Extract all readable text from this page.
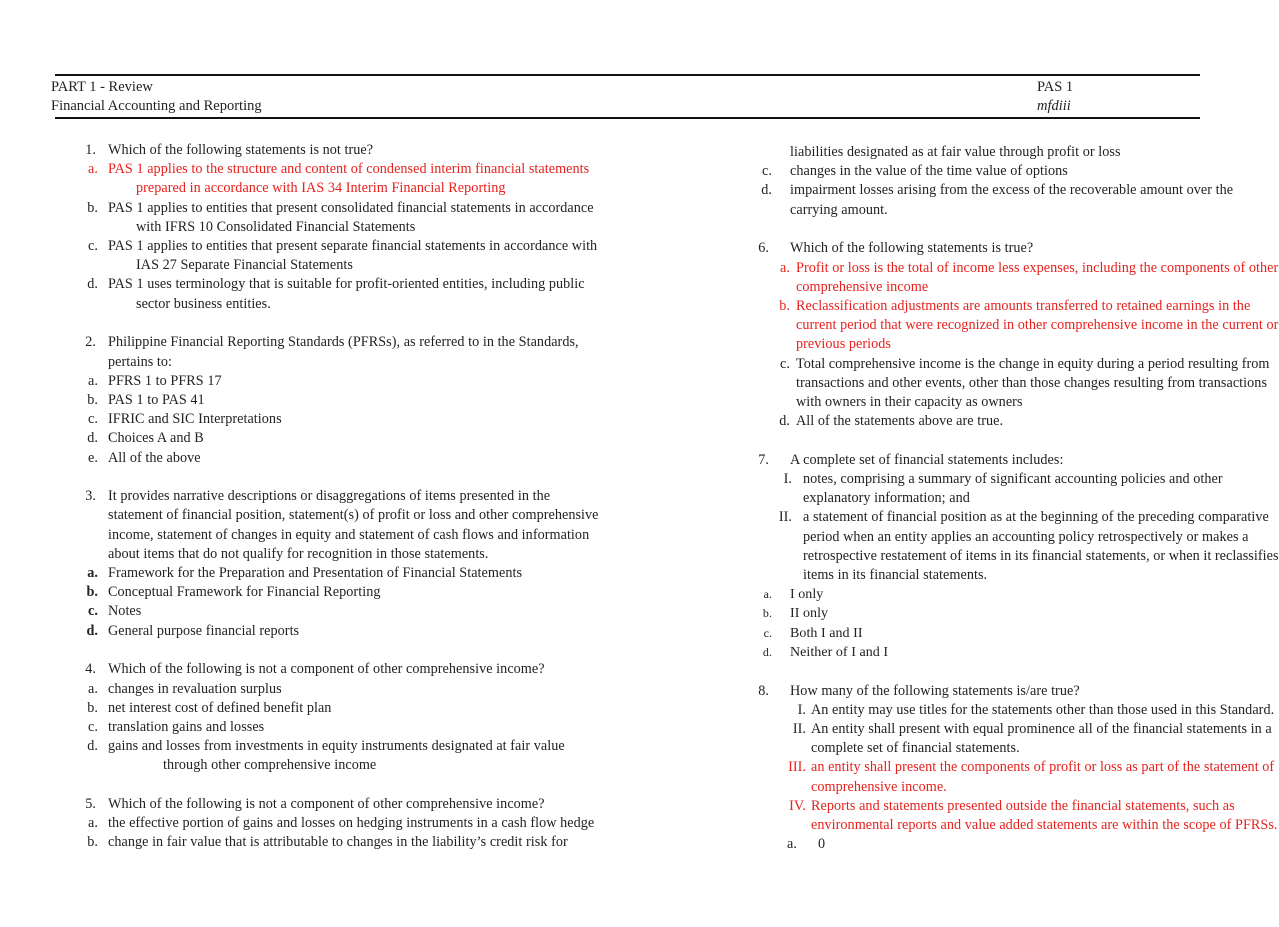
PART 1 - Review
Financial Accounting and Reporting
PAS 1
mfdiii
1. Which of the following statements is not true?
a. PAS 1 applies to the structure and content of condensed interim financial statements
prepared in accordance with IAS 34 Interim Financial Reporting
b. PAS 1 applies to entities that present consolidated financial statements in accordance
with IFRS 10 Consolidated Financial Statements
c. PAS 1 applies to entities that present separate financial statements in accordance with
IAS 27 Separate Financial Statements
d. PAS 1 uses terminology that is suitable for profit-oriented entities, including public
sector business entities.
2. Philippine Financial Reporting Standards (PFRSs), as referred to in the Standards,
pertains to:
a. PFRS 1 to PFRS 17
b. PAS 1 to PAS 41
c. IFRIC and SIC Interpretations
d. Choices A and B
e. All of the above
3. It provides narrative descriptions or disaggregations of items presented in the
statement of financial position, statement(s) of profit or loss and other comprehensive
income, statement of changes in equity and statement of cash flows and information
about items that do not qualify for recognition in those statements.
a. Framework for the Preparation and Presentation of Financial Statements
b. Conceptual Framework for Financial Reporting
c. Notes
d. General purpose financial reports
4. Which of the following is not a component of other comprehensive income?
a. changes in revaluation surplus
b. net interest cost of defined benefit plan
c. translation gains and losses
d. gains and losses from investments in equity instruments designated at fair value
through other comprehensive income
5. Which of the following is not a component of other comprehensive income?
a. the effective portion of gains and losses on hedging instruments in a cash flow hedge
b. change in fair value that is attributable to changes in the liability’s credit risk for
liabilities designated as at fair value through profit or loss
c. changes in the value of the time value of options
d. impairment losses arising from the excess of the recoverable amount over the
carrying amount.
6. Which of the following statements is true?
a. Profit or loss is the total of income less expenses, including the components of other
comprehensive income
b. Reclassification adjustments are amounts transferred to retained earnings in the
current period that were recognized in other comprehensive income in the current or
previous periods
c. Total comprehensive income is the change in equity during a period resulting from
transactions and other events, other than those changes resulting from transactions
with owners in their capacity as owners
d. All of the statements above are true.
7. A complete set of financial statements includes:
I. notes, comprising a summary of significant accounting policies and other
explanatory information; and
II. a statement of financial position as at the beginning of the preceding comparative
period when an entity applies an accounting policy retrospectively or makes a
retrospective restatement of items in its financial statements, or when it reclassifies
items in its financial statements.
a. I only
b. II only
c. Both I and II
d. Neither of I and I
8. How many of the following statements is/are true?
I. An entity may use titles for the statements other than those used in this Standard.
II. An entity shall present with equal prominence all of the financial statements in a
complete set of financial statements.
III. an entity shall present the components of profit or loss as part of the statement of
comprehensive income.
IV. Reports and statements presented outside the financial statements, such as
environmental reports and value added statements are within the scope of PFRSs.
a. 0
